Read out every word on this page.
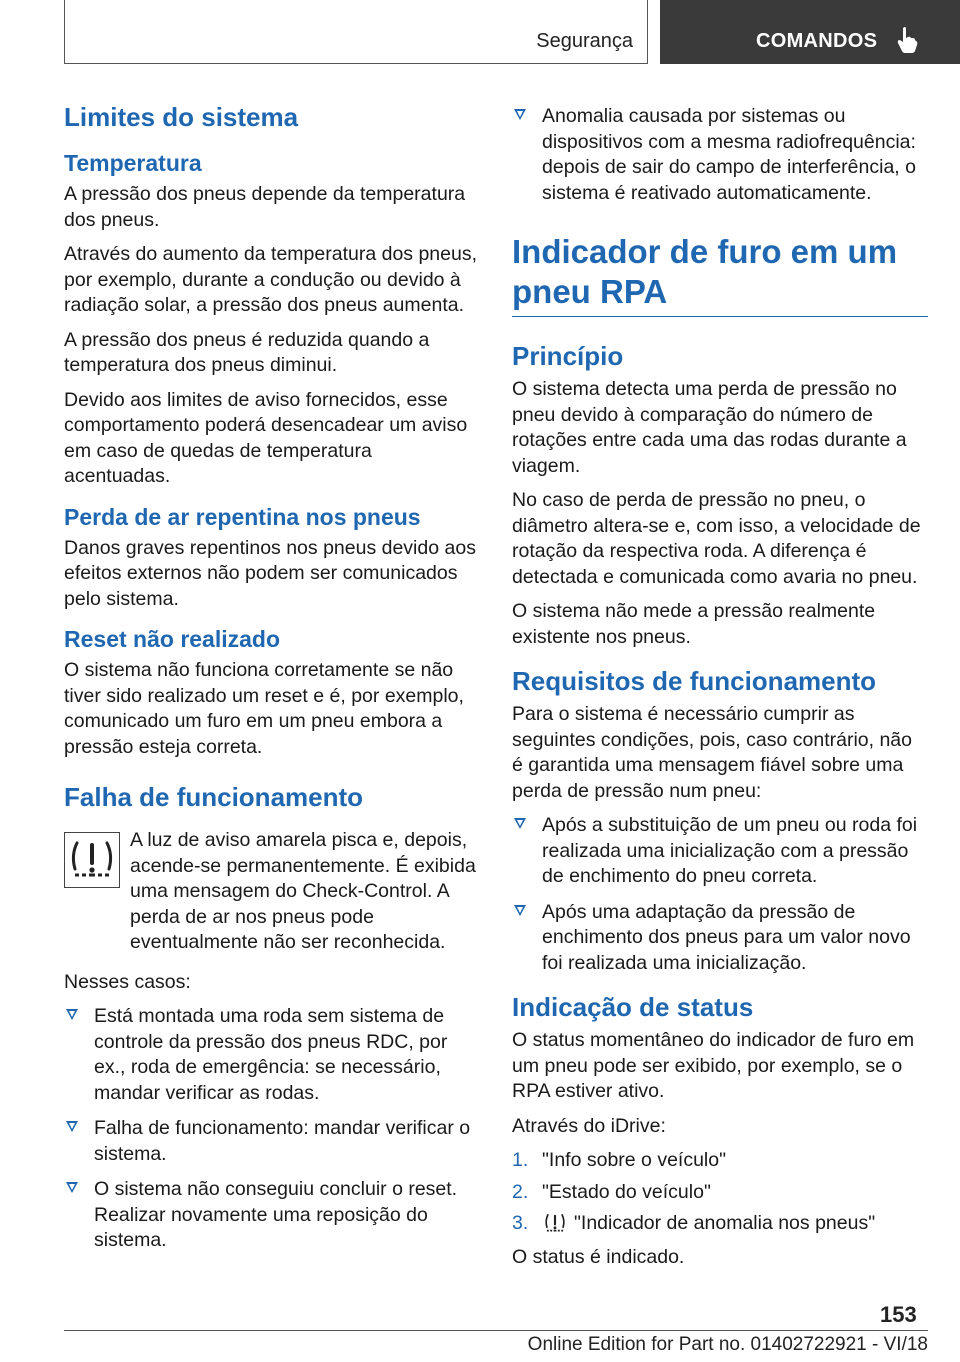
Segurança	COMANDOS
Limites do sistema
Temperatura

A pressão dos pneus depende da temperatura dos pneus.

Através do aumento da temperatura dos pneus, por exemplo, durante a condução ou devido à radiação solar, a pressão dos pneus aumenta.

A pressão dos pneus é reduzida quando a temperatura dos pneus diminui.

Devido aos limites de aviso fornecidos, esse comportamento poderá desencadear um aviso em caso de quedas de temperatura acentuadas.

Perda de ar repentina nos pneus

Danos graves repentinos nos pneus devido aos efeitos externos não podem ser comunicados pelo sistema.

Reset não realizado

O sistema não funciona corretamente se não tiver sido realizado um reset e é, por exemplo, comunicado um furo em um pneu embora a pressão esteja correta.

Falha de funcionamento

A luz de aviso amarela pisca e, depois, acende-se permanentemente. É exibida uma mensagem do Check-Control. A perda de ar nos pneus pode eventualmente não ser reconhecida.

Nesses casos:

Está montada uma roda sem sistema de controle da pressão dos pneus RDC, por ex., roda de emergência: se necessário, mandar verificar as rodas.
Falha de funcionamento: mandar verificar o sistema.
O sistema não conseguiu concluir o reset. Realizar novamente uma reposição do sistema.
Anomalia causada por sistemas ou dispositivos com a mesma radiofrequência: depois de sair do campo de interferência, o sistema é reativado automaticamente.
Indicador de furo em um pneu RPA
Princípio

O sistema detecta uma perda de pressão no pneu devido à comparação do número de rotações entre cada uma das rodas durante a viagem.

No caso de perda de pressão no pneu, o diâmetro altera-se e, com isso, a velocidade de rotação da respectiva roda. A diferença é detectada e comunicada como avaria no pneu.

O sistema não mede a pressão realmente existente nos pneus.

Requisitos de funcionamento

Para o sistema é necessário cumprir as seguintes condições, pois, caso contrário, não é garantida uma mensagem fiável sobre uma perda de pressão num pneu:

Após a substituição de um pneu ou roda foi realizada uma inicialização com a pressão de enchimento do pneu correta.
Após uma adaptação da pressão de enchimento dos pneus para um valor novo foi realizada uma inicialização.
Indicação de status

O status momentâneo do indicador de furo em um pneu pode ser exibido, por exemplo, se o RPA estiver ativo.

Através do iDrive:

1. "Info sobre o veículo"
2. "Estado do veículo"
3. "Indicador de anomalia nos pneus"

O status é indicado.

153
Online Edition for Part no. 01402722921 - VI/18
